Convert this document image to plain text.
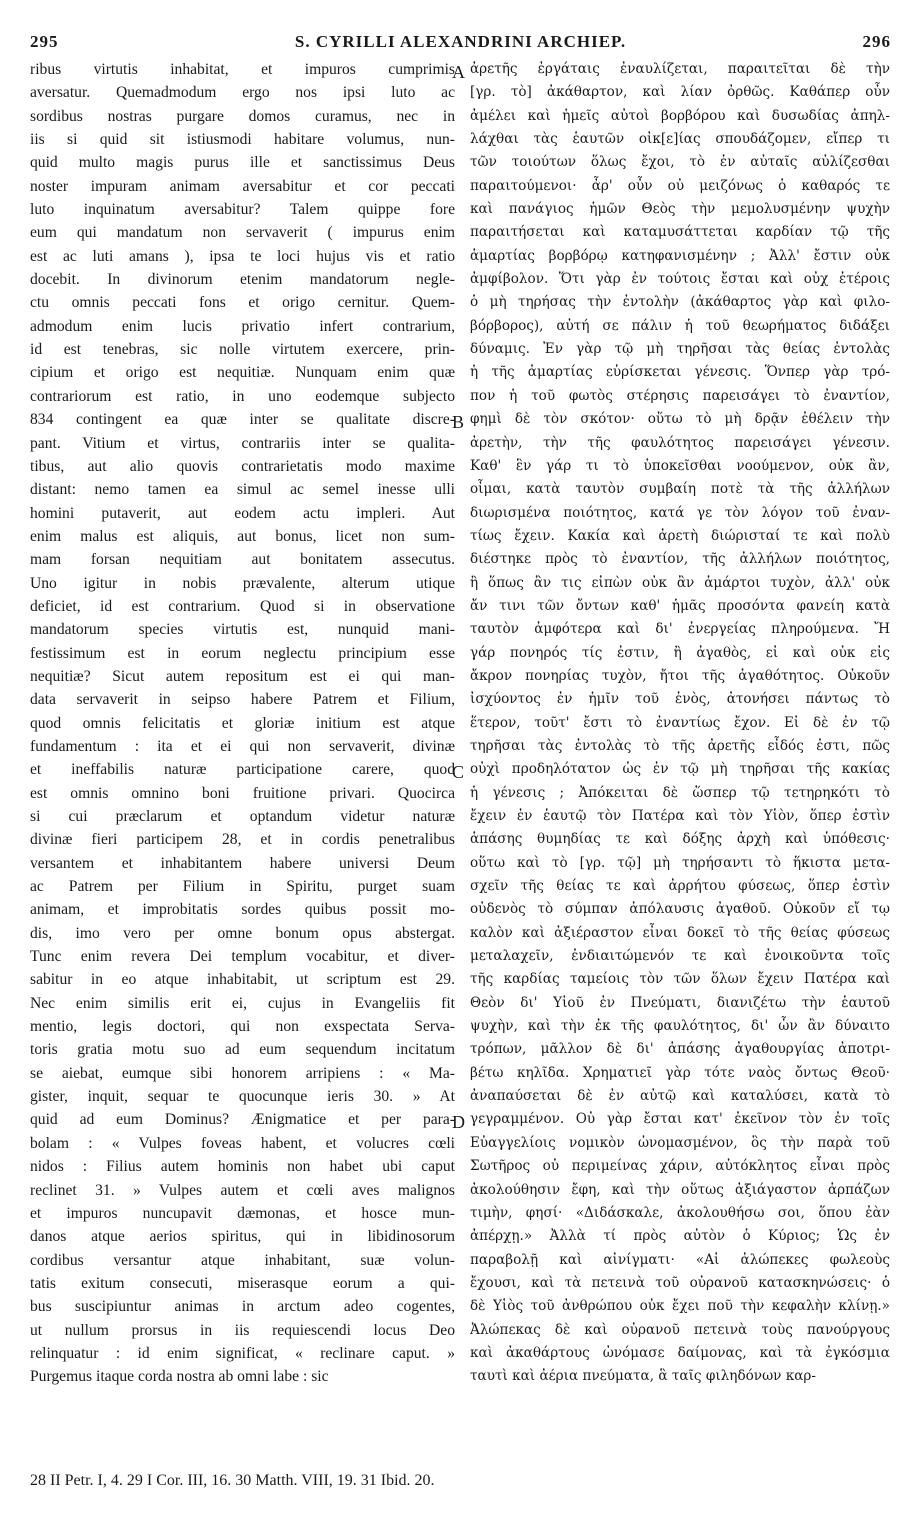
295	S. CYRILLI ALEXANDRINI ARCHIEP.	296
ribus virtutis inhabitat, et impuros cumprimis
aversatur. Quemadmodum ergo nos ipsi luto ac
sordibus nostras purgare domos curamus, nec in
iis si quid sit istiusmodi habitare volumus, nun-
quid multo magis purus ille et sanctissimus Deus
noster impuram animam aversabitur et cor peccati
luto inquinatum aversabitur? Talem quippe fore
eum qui mandatum non servaverit ( impurus enim
est ac luti amans ), ipsa te loci hujus vis et ratio
docebit. In divinorum etenim mandatorum negle-
ctu omnis peccati fons et origo cernitur. Quem-
admodum enim lucis privatio infert contrarium,
id est tenebras, sic nolle virtutem exercere, prin-
cipium et origo est nequitiæ. Nunquam enim quæ
contrariorum est ratio, in uno eodemque subjecto
834 contingent ea quæ inter se qualitate discre-
pant. Vitium et virtus, contrariis inter se qualita-
tibus, aut alio quovis contrarietatis modo maxime
distant: nemo tamen ea simul ac semel inesse ulli
homini putaverit, aut eodem actu impleri. Aut
enim malus est aliquis, aut bonus, licet non sum-
mam forsan nequitiam aut bonitatem assecutus.
Uno igitur in nobis prævalente, alterum utique
deficiet, id est contrarium. Quod si in observatione
mandatorum species virtutis est, nunquid mani-
festissimum est in eorum neglectu principium esse
nequitiæ? Sicut autem repositum est ei qui man-
data servaverit in seipso habere Patrem et Filium,
quod omnis felicitatis et gloriæ initium est atque
fundamentum : ita et ei qui non servaverit, divinæ
et ineffabilis naturæ participatione carere, quod
est omnis omnino boni fruitione privari. Quocirca
si cui præclarum et optandum videtur naturæ
divinæ fieri participem 28, et in cordis penetralibus
versantem et inhabitantem habere universi Deum
ac Patrem per Filium in Spiritu, purget suam
animam, et improbitatis sordes quibus possit mo-
dis, imo vero per omne bonum opus abstergat.
Tunc enim revera Dei templum vocabitur, et diver-
sabitur in eo atque inhabitabit, ut scriptum est 29.
Nec enim similis erit ei, cujus in Evangeliis fit
mentio, legis doctori, qui non exspectata Serva-
toris gratia motu suo ad eum sequendum incitatum
se aiebat, eumque sibi honorem arripiens : « Ma-
gister, inquit, sequar te quocunque ieris 30. » At
quid ad eum Dominus? Ænigmatice et per para-
bolam : « Vulpes foveas habent, et volucres cœli
nidos : Filius autem hominis non habet ubi caput
reclinet 31. » Vulpes autem et cœli aves malignos
et impuros nuncupavit dæmonas, et hosce mun-
danos atque aerios spiritus, qui in libidinosorum
cordibus versantur atque inhabitant, suæ volun-
tatis exitum consecuti, miserasque eorum a qui-
bus suscipiuntur animas in arctum adeo cogentes,
ut nullum prorsus in iis requiescendi locus Deo
relinquatur : id enim significat, « reclinare caput. »
Purgemus itaque corda nostra ab omni labe : sic
ἀρετῆς ἐργάταις ἐναυλίζεται, παραιτεῖται δὲ τὴν
[γρ. τὸ] ἀκάθαρτον, καὶ λίαν ὀρθῶς. Καθάπερ οὖν
ἀμέλει καὶ ἡμεῖς αὐτοὶ βορβόρου καὶ δυσωδίας ἀπηλ-
λάχθαι τὰς ἑαυτῶν οἰκ[ε]ίας σπουδάζομεν, εἴπερ τι
τῶν τοιούτων ὅλως ἔχοι, τὸ ἐν αὐταῖς αὐλίζεσθαι
παραιτούμενοι· ἆρ' οὖν οὐ μειζόνως ὁ καθαρός τε
καὶ πανάγιος ἡμῶν Θεὸς τὴν μεμολυσμένην ψυχὴν
παραιτήσεται καὶ καταμυσάττεται καρδίαν τῷ τῆς
ἁμαρτίας βορβόρῳ κατηφανισμένην ; Ἀλλ' ἔστιν οὐκ
ἀμφίβολον. Ὅτι γὰρ ἐν τούτοις ἔσται καὶ οὐχ ἑτέροις
ὁ μὴ τηρήσας τὴν ἐντολὴν (ἀκάθαρτος γὰρ καὶ φιλο-
βόρβορος), αὐτή σε πάλιν ἡ τοῦ θεωρήματος διδάξει
δύναμις. Ἐν γὰρ τῷ μὴ τηρῆσαι τὰς θείας ἐντολὰς
ἡ τῆς ἁμαρτίας εὑρίσκεται γένεσις. Ὅνπερ γὰρ τρό-
πον ἡ τοῦ φωτὸς στέρησις παρεισάγει τὸ ἐναντίον,
φημὶ δὲ τὸν σκότον· οὕτω τὸ μὴ δρᾷν ἐθέλειν τὴν
ἀρετὴν, τὴν τῆς φαυλότητος παρεισάγει γένεσιν.
Καθ' ἓν γάρ τι τὸ ὑποκεῖσθαι νοούμενον, οὐκ ἂν,
οἶμαι, κατὰ ταυτὸν συμβαίη ποτὲ τὰ τῆς ἀλλήλων
διωρισμένα ποιότητος, κατά γε τὸν λόγον τοῦ ἐναν-
τίως ἔχειν. Κακία καὶ ἀρετὴ διώρισταί τε καὶ πολὺ
διέστηκε πρὸς τὸ ἐναντίον, τῆς ἀλλήλων ποιότητος,
ἢ ὅπως ἂν τις εἰπὼν οὐκ ἂν ἁμάρτοι τυχὸν, ἀλλ' οὐκ
ἄν τινι τῶν ὄντων καθ' ἡμᾶς προσόντα φανείη κατὰ
ταυτὸν ἀμφότερα καὶ δι' ἐνεργείας πληρούμενα. Ἤ
γάρ πονηρός τίς ἐστιν, ἢ ἀγαθὸς, εἰ καὶ οὐκ εἰς
ἄκρον πονηρίας τυχὸν, ἤτοι τῆς ἀγαθότητος. Οὐκοῦν
ἰσχύοντος ἐν ἡμῖν τοῦ ἑνὸς, ἀτονήσει πάντως τὸ
ἕτερον, τοῦτ' ἔστι τὸ ἐναντίως ἔχον. Εἰ δὲ ἐν τῷ
τηρῆσαι τὰς ἐντολὰς τὸ τῆς ἀρετῆς εἶδός ἐστι, πῶς
οὐχὶ προδηλότατον ὡς ἐν τῷ μὴ τηρῆσαι τῆς κακίας
ἡ γένεσις ; Ἀπόκειται δὲ ὥσπερ τῷ τετηρηκότι τὸ
ἔχειν ἐν ἑαυτῷ τὸν Πατέρα καὶ τὸν Υἱὸν, ὅπερ ἐστὶν
ἁπάσης θυμηδίας τε καὶ δόξης ἀρχὴ καὶ ὑπόθεσις·
οὕτω καὶ τὸ [γρ. τῷ] μὴ τηρήσαντι τὸ ἥκιστα μετα-
σχεῖν τῆς θείας τε καὶ ἀρρήτου φύσεως, ὅπερ ἐστὶν
οὐδενὸς τὸ σύμπαν ἀπόλαυσις ἀγαθοῦ. Οὐκοῦν εἴ τῳ
καλὸν καὶ ἀξιέραστον εἶναι δοκεῖ τὸ τῆς θείας φύσεως
μεταλαχεῖν, ἐνδιαιτώμενόν τε καὶ ἐνοικοῦντα τοῖς
τῆς καρδίας ταμείοις τὸν τῶν ὅλων ἔχειν Πατέρα καὶ
Θεὸν δι' Υἱοῦ ἐν Πνεύματι, διανιζέτω τὴν ἑαυτοῦ
ψυχὴν, καὶ τὴν ἐκ τῆς φαυλότητος, δι' ὧν ἂν δύναιτο
τρόπων, μᾶλλον δὲ δι' ἁπάσης ἀγαθουργίας ἀποτρι-
βέτω κηλῖδα. Χρηματιεῖ γὰρ τότε ναὸς ὄντως Θεοῦ·
ἀναπαύσεται δὲ ἐν αὐτῷ καὶ καταλύσει, κατὰ τὸ
γεγραμμένον. Οὐ γὰρ ἔσται κατ' ἐκεῖνον τὸν ἐν τοῖς
Εὐαγγελίοις νομικὸν ὠνομασμένον, ὃς τὴν παρὰ τοῦ
Σωτῆρος οὐ περιμείνας χάριν, αὐτόκλητος εἶναι πρὸς
ἀκολούθησιν ἔφη, καὶ τὴν οὕτως ἀξιάγαστον ἁρπάζων
τιμὴν, φησί· «Διδάσκαλε, ἀκολουθήσω σοι, ὅπου ἐὰν
ἀπέρχῃ.» Ἀλλὰ τί πρὸς αὐτὸν ὁ Κύριος; Ὡς ἐν
παραβολῇ καὶ αἰνίγματι· «Αἱ ἀλώπεκες φωλεοὺς
ἔχουσι, καὶ τὰ πετεινὰ τοῦ οὐρανοῦ κατασκηνώσεις· ὁ
δὲ Υἱὸς τοῦ ἀνθρώπου οὐκ ἔχει ποῦ τὴν κεφαλὴν κλίνῃ.»
Ἀλώπεκας δὲ καὶ οὐρανοῦ πετεινὰ τοὺς πανούργους
καὶ ἀκαθάρτους ὠνόμασε δαίμονας, καὶ τὰ ἐγκόσμια
ταυτὶ καὶ ἀέρια πνεύματα, ἃ ταῖς φιληδόνων καρ-
A
B
C
D
28 II Petr. I, 4. 29 I Cor. III, 16. 30 Matth. VIII, 19. 31 Ibid. 20.
